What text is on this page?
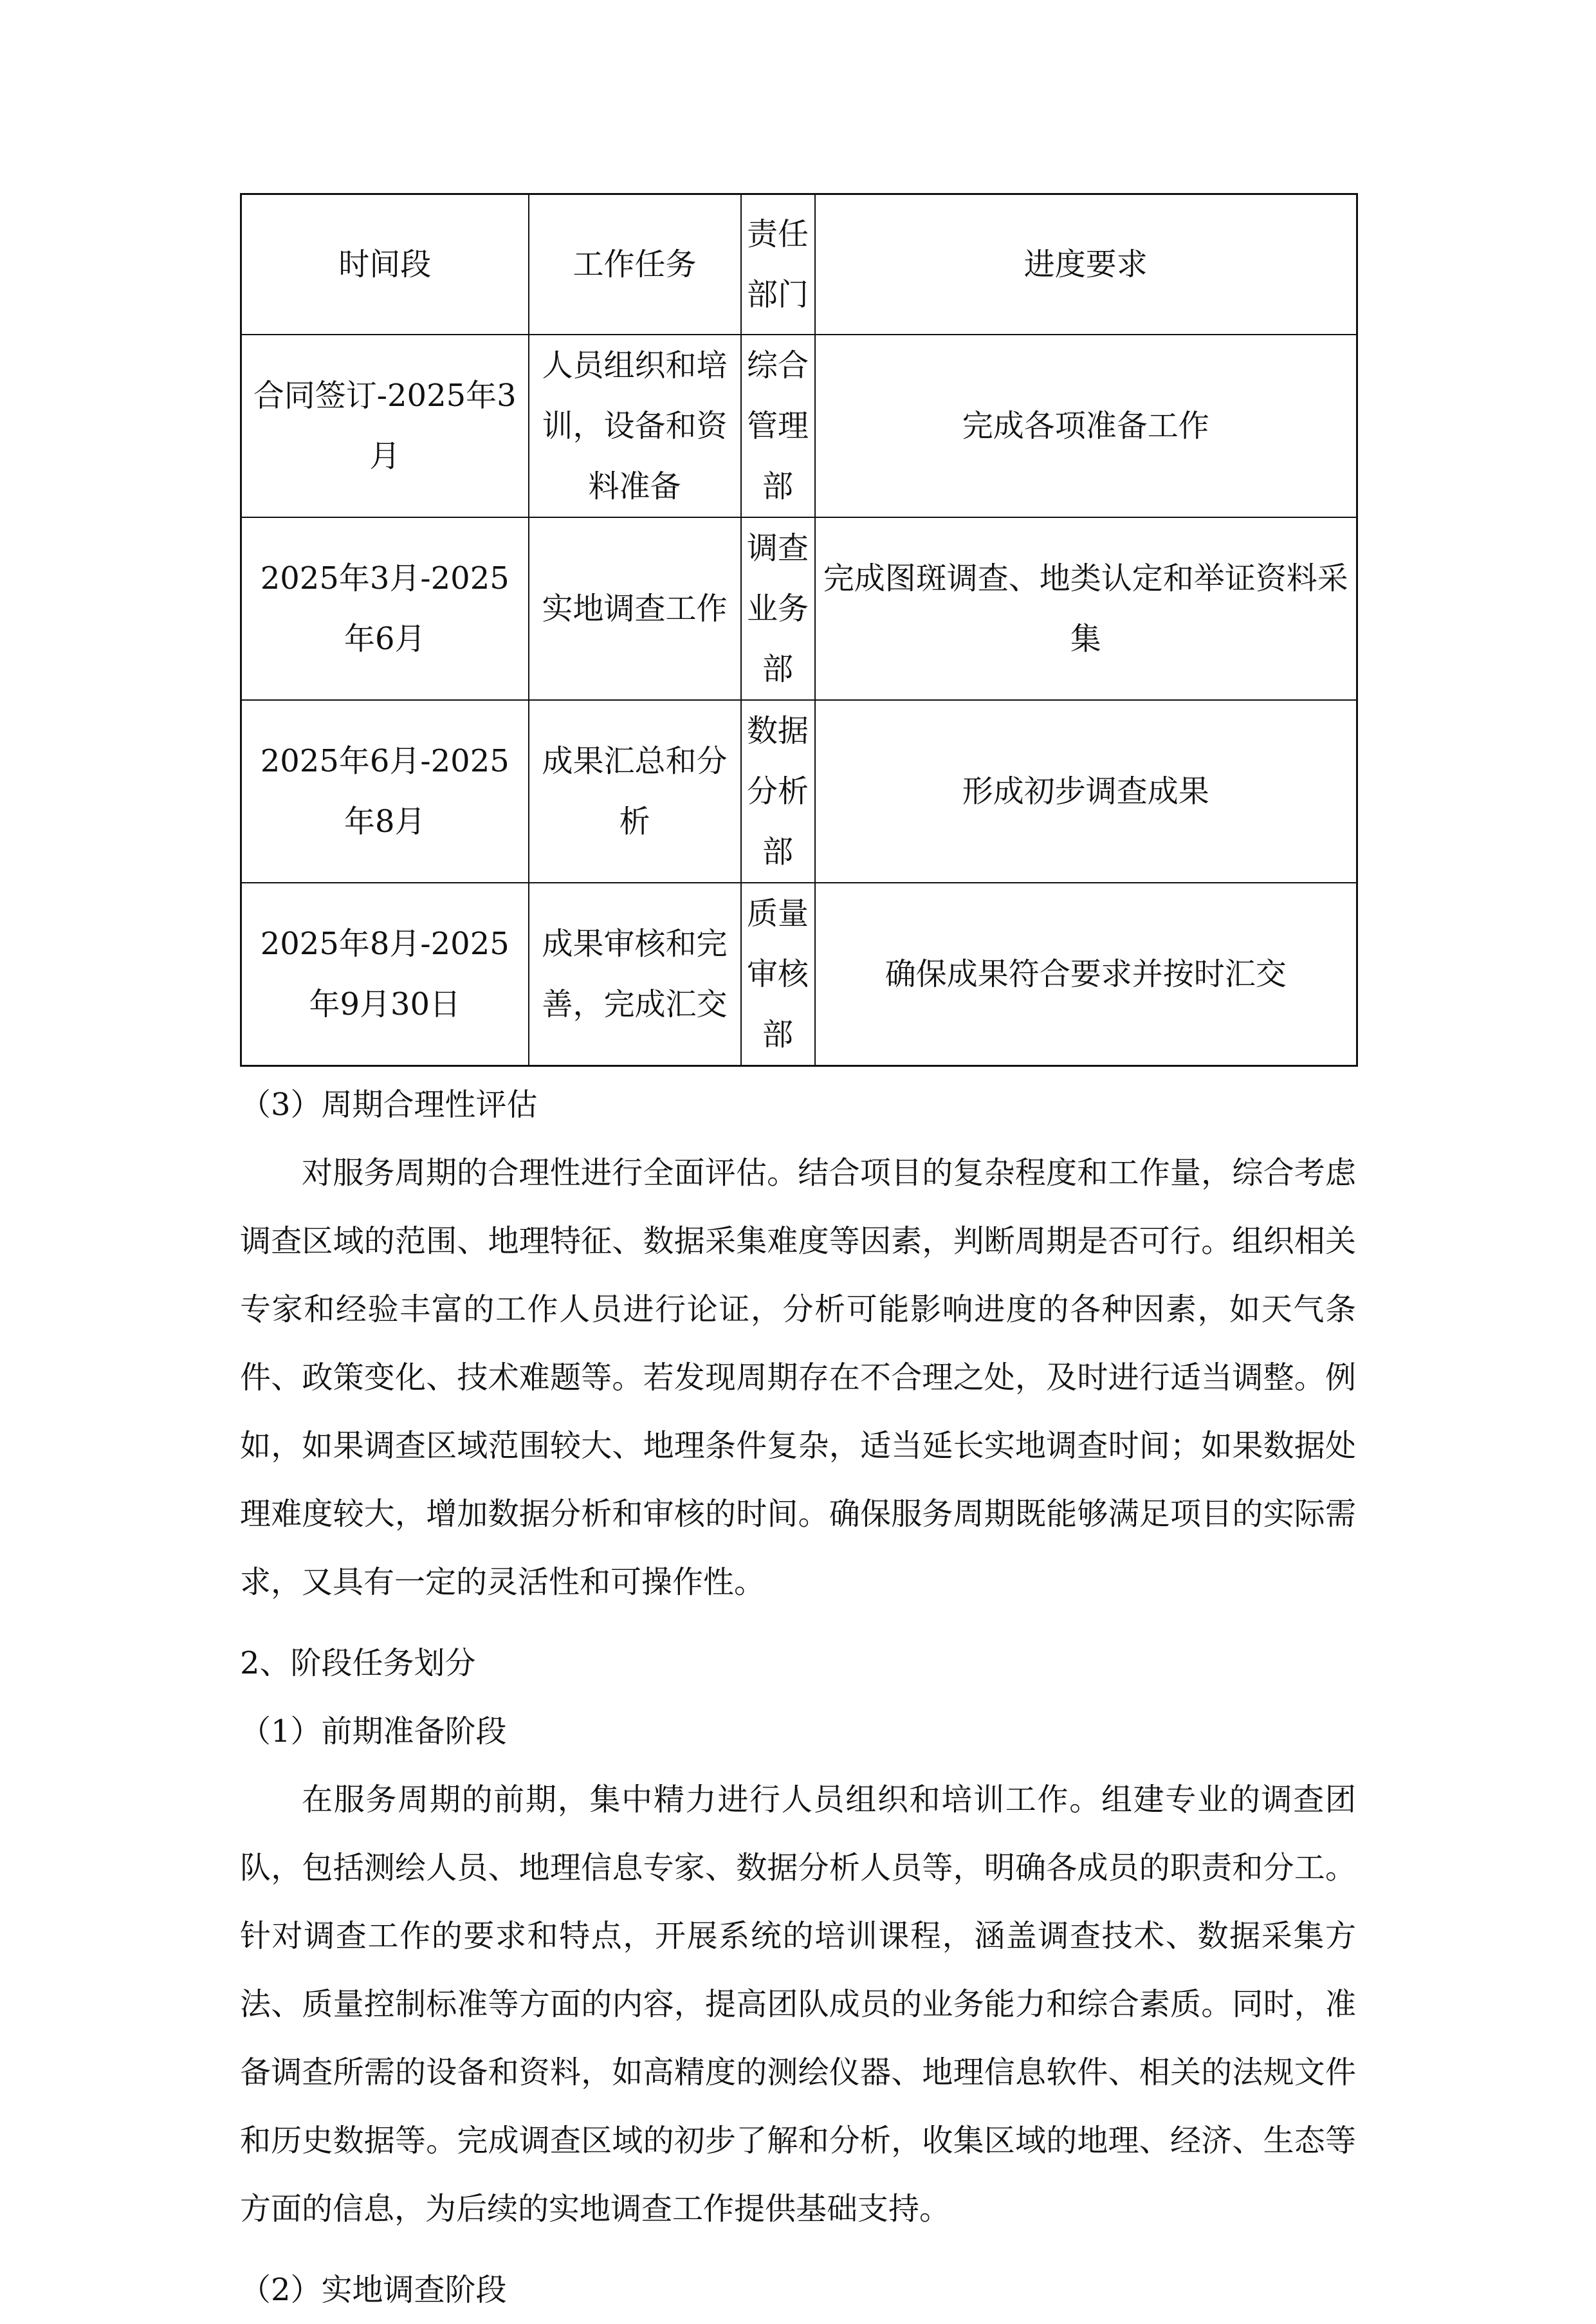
时间段	工作任务	责任部门	进度要求
合同签订-2025年3月	人员组织和培训，设备和资料准备	综合管理部	完成各项准备工作
2025年3月-2025年6月	实地调查工作	调查业务部	完成图斑调查、地类认定和举证资料采集
2025年6月-2025年8月	成果汇总和分析	数据分析部	形成初步调查成果
2025年8月-2025年9月30日	成果审核和完善，完成汇交	质量审核部	确保成果符合要求并按时汇交

（3）周期合理性评估

对服务周期的合理性进行全面评估。结合项目的复杂程度和工作量，综合考虑调查区域的范围、地理特征、数据采集难度等因素，判断周期是否可行。组织相关专家和经验丰富的工作人员进行论证，分析可能影响进度的各种因素，如天气条件、政策变化、技术难题等。若发现周期存在不合理之处，及时进行适当调整。例如，如果调查区域范围较大、地理条件复杂，适当延长实地调查时间；如果数据处理难度较大，增加数据分析和审核的时间。确保服务周期既能够满足项目的实际需求，又具有一定的灵活性和可操作性。

2、阶段任务划分

（1）前期准备阶段

在服务周期的前期，集中精力进行人员组织和培训工作。组建专业的调查团队，包括测绘人员、地理信息专家、数据分析人员等，明确各成员的职责和分工。针对调查工作的要求和特点，开展系统的培训课程，涵盖调查技术、数据采集方法、质量控制标准等方面的内容，提高团队成员的业务能力和综合素质。同时，准备调查所需的设备和资料，如高精度的测绘仪器、地理信息软件、相关的法规文件和历史数据等。完成调查区域的初步了解和分析，收集区域的地理、经济、生态等方面的信息，为后续的实地调查工作提供基础支持。

（2）实地调查阶段
